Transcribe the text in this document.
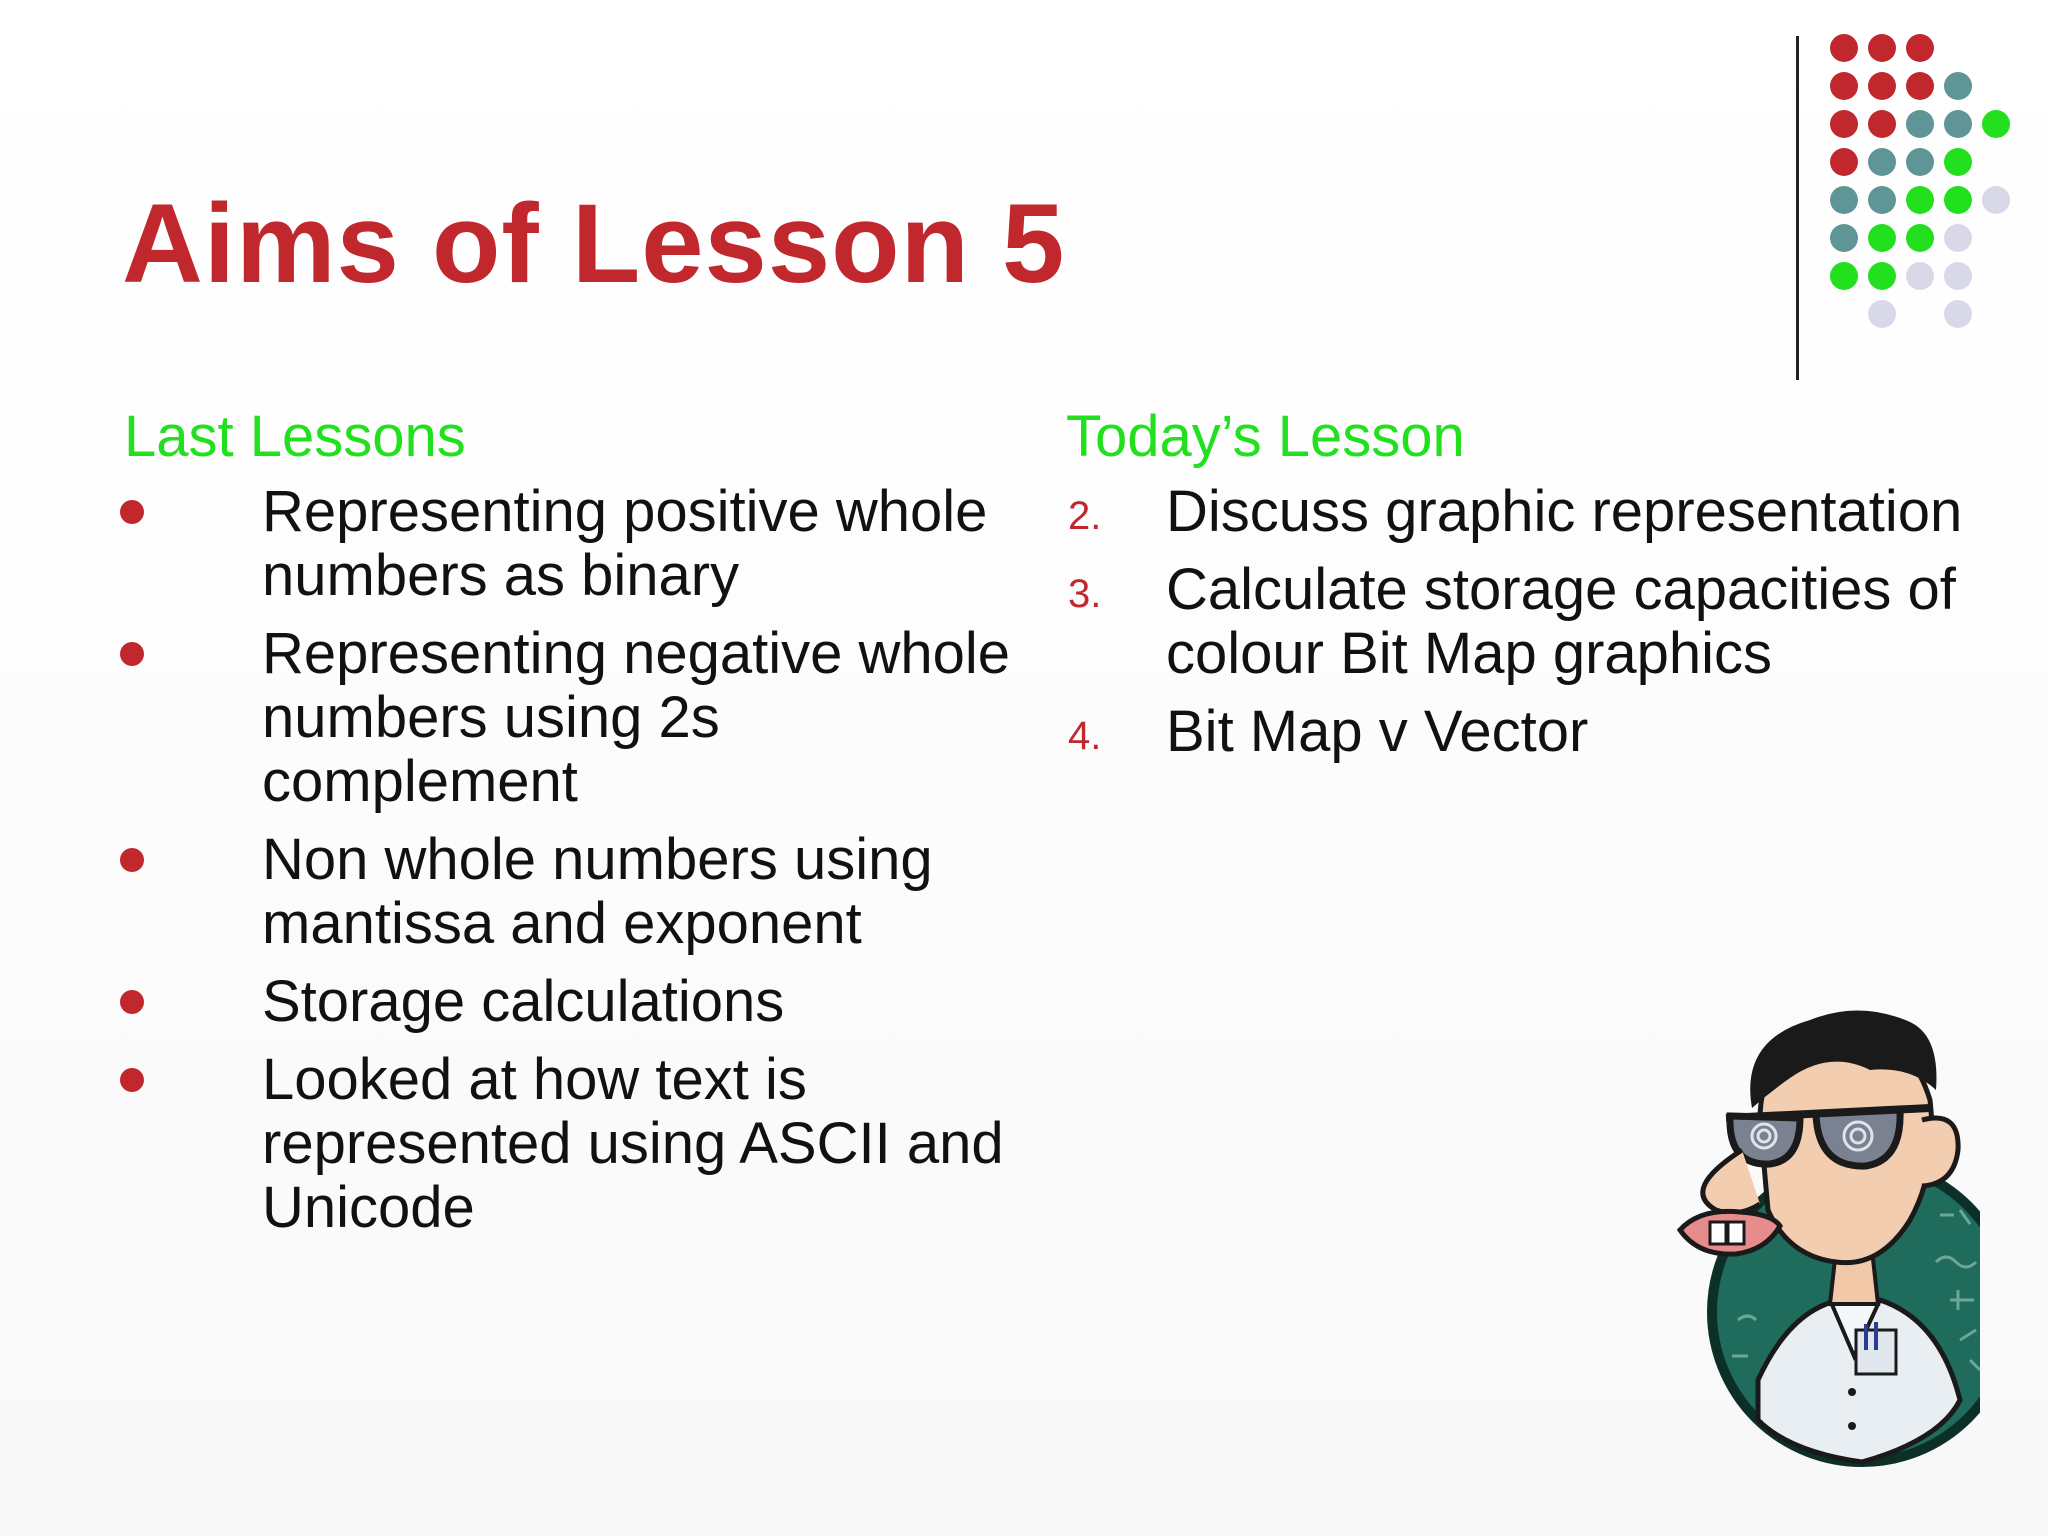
Aims of Lesson 5
Last Lessons
Representing positive whole numbers as binary
Representing negative whole numbers using 2s complement
Non whole numbers using mantissa and exponent
Storage calculations
Looked at how text is represented using ASCII and Unicode
Today’s Lesson
2. Discuss graphic representation
3. Calculate storage capacities of colour Bit Map graphics
4. Bit Map v Vector
